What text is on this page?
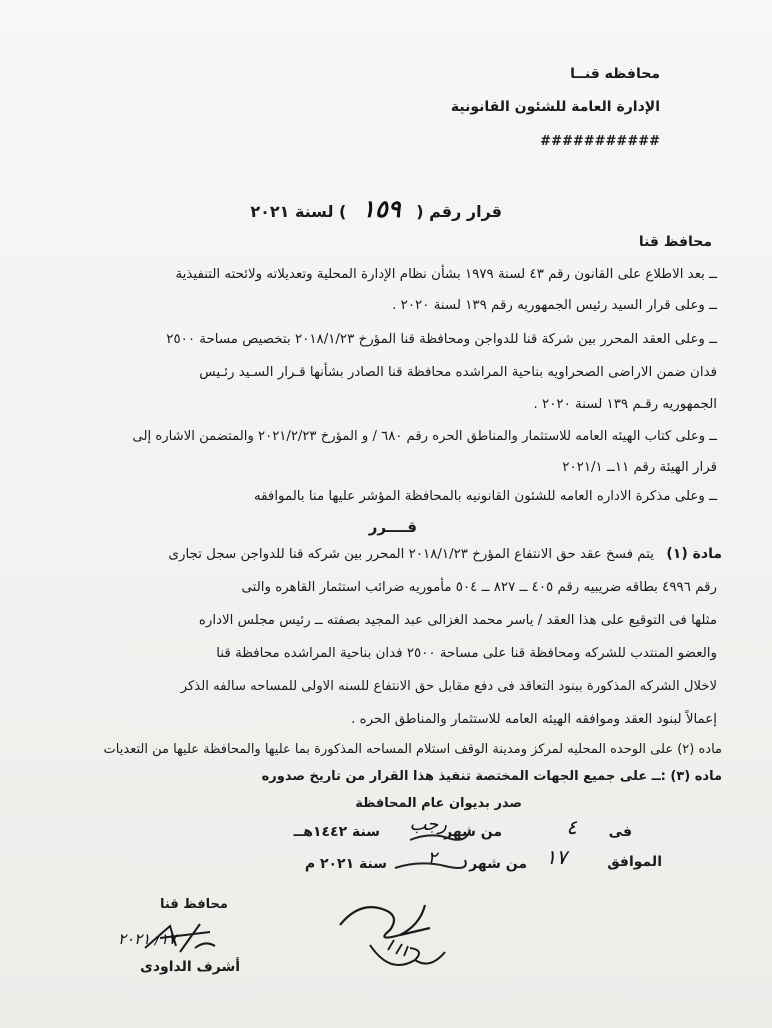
محافظه قنــا
الإدارة العامة للشئون القانونية
###########
قرار رقم ( ١٥٩ ) لسنة ٢٠٢١
محافظ قنا
ــ بعد الاطلاع على القانون رقم ٤٣ لسنة ١٩٧٩ بشأن نظام الإدارة المحلية وتعديلاته ولائحته التنفيذية
ــ وعلى قرار السيد رئيس الجمهوريه رقم ١٣٩ لسنة ٢٠٢٠ .
ــ وعلى العقد المحرر بين شركة قنا للدواجن ومحافظة قنا المؤرخ ٢٠١٨/١/٢٣ بتخصيص مساحة ٢٥٠٠
فدان ضمن الاراضى الصحراويه بناحية المراشده محافظة قنا الصادر بشأنها قـرار السـيد رئـيس
الجمهوريه رقـم ١٣٩ لسنة ٢٠٢٠ .
ــ وعلى كتاب الهيئه العامه للاستثمار والمناطق الحره رقم ٦٨٠ / و المؤرخ ٢٠٢١/٢/٢٣ والمتضمن الاشاره إلى
قرار الهيئة رقم ١١ــ ٢٠٢١/١
ــ وعلى مذكرة الاداره العامه للشئون القانونيه بالمحافظة المؤشر عليها منا بالموافقه
قــــرر
مادة (١)
يتم فسخ عقد حق الانتفاع المؤرخ ٢٠١٨/١/٢٣ المحرر بين شركه قنا للدواجن سجل تجارى
رقم ٤٩٩٦ بطاقه ضريبيه رقم ٤٠٥ ــ ٨٢٧ ــ ٥٠٤ مأموريه ضرائب استثمار القاهره والتى
مثلها فى التوقيع على هذا العقد / ياسر محمد الغزالى عبد المجيد بصفته ــ رئيس مجلس الاداره
والعضو المنتدب للشركه ومحافظة قنا على مساحة ٢٥٠٠ فدان بناحية المراشده محافظة قنا
لاخلال الشركه المذكورة ببنود التعاقد فى دفع مقابل حق الانتفاع للسنه الاولى للمساحه سالفه الذكر
إعمالاً لبنود العقد وموافقه الهيئه العامه للاستثمار والمناطق الحره .
ماده (٢) على الوحده المحليه لمركز ومدينة الوقف استلام المساحه المذكورة بما عليها والمحافظة عليها من التعديات
ماده (٣) :ــ على جميع الجهات المختصة تنفيذ هذا القرار من تاريخ صدوره
صدر بديوان عام المحافظة
فى
٤
من شهر
رجب
سنة ١٤٤٢هــ
الموافق
١٧
من شهر
٢
سنة ٢٠٢١ م
محافظ قنا
١٧/ ٢٠٢١
أشرف الداودى
